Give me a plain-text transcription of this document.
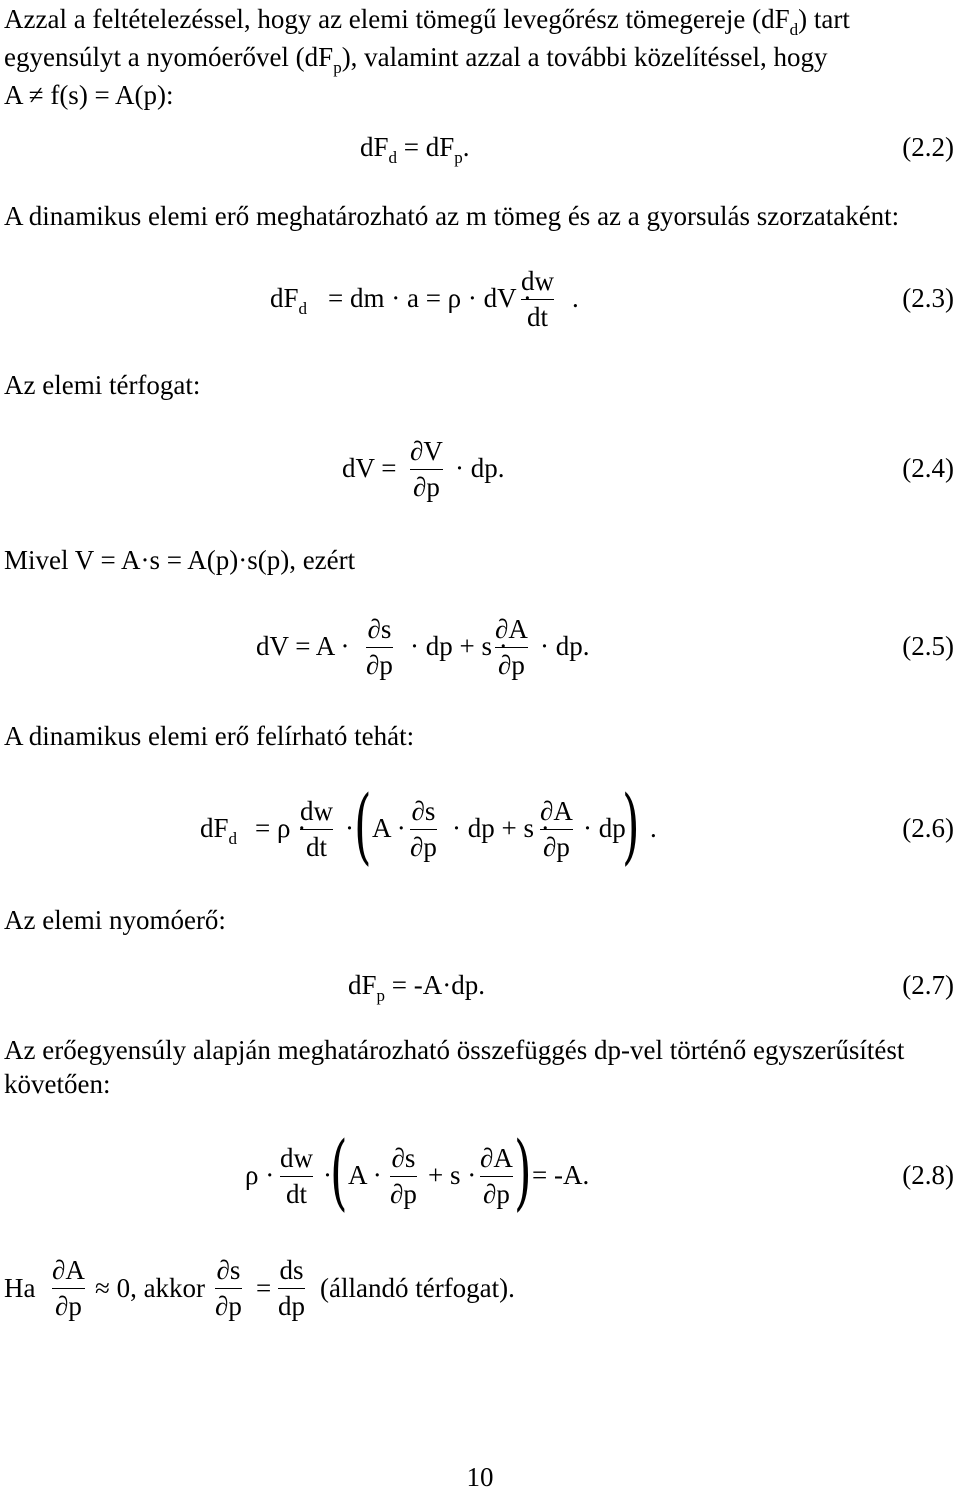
Azzal a feltételezéssel, hogy az elemi tömegű levegőrész tömegereje $(dF_d)$ tart
egyensúlyt a nyomóerővel $(dF_p)$, valamint azzal a további közelítéssel, hogy
A ≠ f(s) = A(p):
$dF_d = dF_p$.	(2.2)
A dinamikus elemi erő meghatározható az m tömeg és az a gyorsulás szorzataként:
$dF_d$ = dm · a = ρ · dV ·
dw
dt
.	(2.3)
Az elemi térfogat:
dV =
∂V
∂p
· dp.	(2.4)
Mivel V = A·s = A(p)·s(p), ezért
dV = A ·
∂s
∂p
· dp + s ·
∂A
∂p
· dp.	(2.5)
A dinamikus elemi erő felírható tehát:
$dF_d = \rho$ ·
dw
dt
· ( A ·
∂s
∂p
· dp + s ·
∂A
∂p
· dp
) .	(2.6)
Az elemi nyomóerő:
$dF_p = -A\cdot dp$.	(2.7)
Az erőegyensúly alapján meghatározható összefüggés dp-vel történő egyszerűsítést
követően:
ρ ·
dw
dt
·
( A ·
∂s
∂p
+ s ·
∂A
∂p ) = -A.	(2.8)
Ha
∂A
∂p
≈ 0, akkor
∂s
∂p
=
ds
dp
(állandó térfogat).
10
